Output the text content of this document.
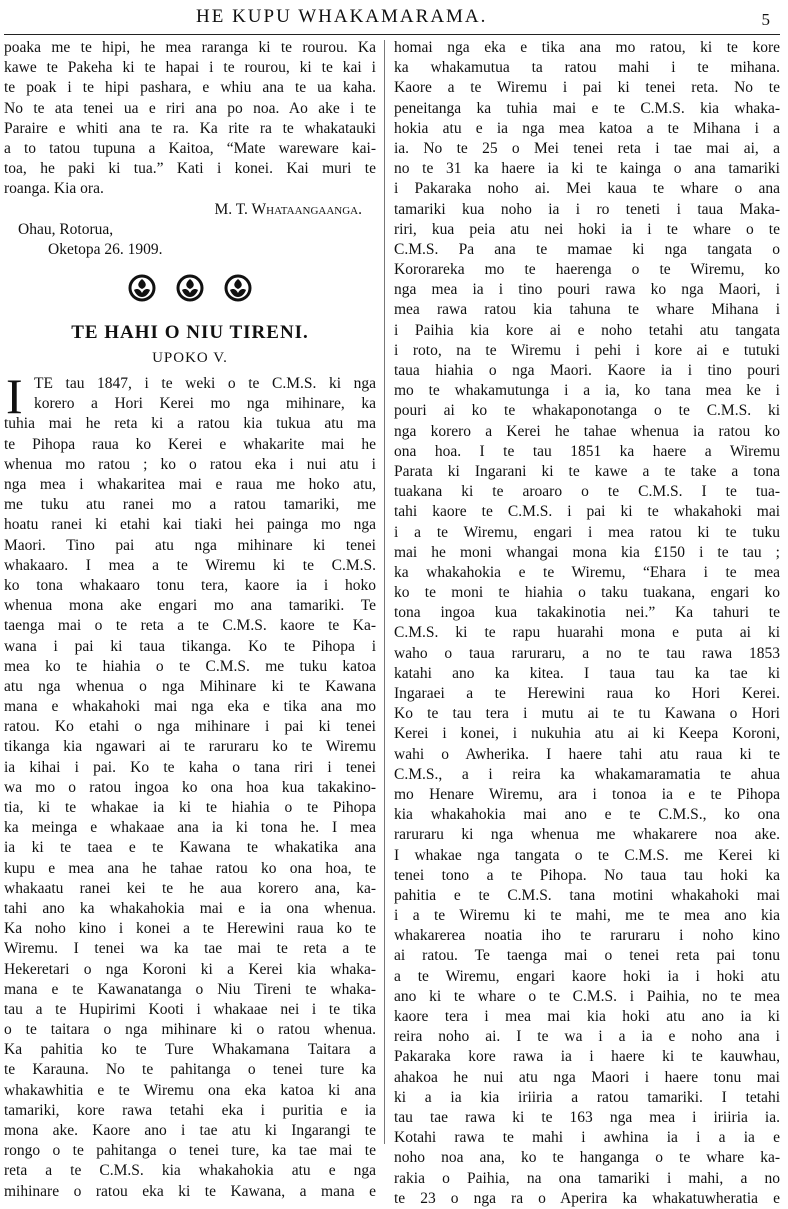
HE KUPU WHAKAMARAMA.	5
poaka me te hipi, he mea raranga ki te rourou. Ka
kawe te Pakeha ki te hapai i te rourou, ki te kai i
te poak i te hipi pashara, e whiu ana te ua kaha.
No te ata tenei ua e riri ana po noa. Ao ake i te
Paraire e whiti ana te ra. Ka rite ra te whakatauki
a to tatou tupuna a Kaitoa, “Mate wareware kai-
toa, he paki ki tua.” Kati i konei. Kai muri te
roanga. Kia ora.
M. T. Whataangaanga.
Ohau, Rotorua,
Oketopa 26. 1909.
TE HAHI O NIU TIRENI.
UPOKO V.
I TE tau 1847, i te weki o te C.M.S. ki nga
korero a Hori Kerei mo nga mihinare, ka
tuhia mai he reta ki a ratou kia tukua atu ma
te Pihopa raua ko Kerei e whakarite mai he
whenua mo ratou ; ko o ratou eka i nui atu i
nga mea i whakaritea mai e raua me hoko atu,
me tuku atu ranei mo a ratou tamariki, me
hoatu ranei ki etahi kai tiaki hei painga mo nga
Maori. Tino pai atu nga mihinare ki tenei
whakaaro. I mea a te Wiremu ki te C.M.S.
ko tona whakaaro tonu tera, kaore ia i hoko
whenua mona ake engari mo ana tamariki. Te
taenga mai o te reta a te C.M.S. kaore te Ka-
wana i pai ki taua tikanga. Ko te Pihopa i
mea ko te hiahia o te C.M.S. me tuku katoa
atu nga whenua o nga Mihinare ki te Kawana
mana e whakahoki mai nga eka e tika ana mo
ratou. Ko etahi o nga mihinare i pai ki tenei
tikanga kia ngawari ai te raruraru ko te Wiremu
ia kihai i pai. Ko te kaha o tana riri i tenei
wa mo o ratou ingoa ko ona hoa kua takakino-
tia, ki te whakae ia ki te hiahia o te Pihopa
ka meinga e whakaae ana ia ki tona he. I mea
ia ki te taea e te Kawana te whakatika ana
kupu e mea ana he tahae ratou ko ona hoa, te
whakaatu ranei kei te he aua korero ana, ka-
tahi ano ka whakahokia mai e ia ona whenua.
Ka noho kino i konei a te Herewini raua ko te
Wiremu. I tenei wa ka tae mai te reta a te
Hekeretari o nga Koroni ki a Kerei kia whaka-
mana e te Kawanatanga o Niu Tireni te whaka-
tau a te Hupirimi Kooti i whakaae nei i te tika
o te taitara o nga mihinare ki o ratou whenua.
Ka pahitia ko te Ture Whakamana Taitara a
te Karauna. No te pahitanga o tenei ture ka
whakawhitia e te Wiremu ona eka katoa ki ana
tamariki, kore rawa tetahi eka i puritia e ia
mona ake. Kaore ano i tae atu ki Ingarangi te
rongo o te pahitanga o tenei ture, ka tae mai te
reta a te C.M.S. kia whakahokia atu e nga
mihinare o ratou eka ki te Kawana, a mana e
homai nga eka e tika ana mo ratou, ki te kore
ka whakamutua ta ratou mahi i te mihana.
Kaore a te Wiremu i pai ki tenei reta. No te
peneitanga ka tuhia mai e te C.M.S. kia whaka-
hokia atu e ia nga mea katoa a te Mihana i a
ia. No te 25 o Mei tenei reta i tae mai ai, a
no te 31 ka haere ia ki te kainga o ana tamariki
i Pakaraka noho ai. Mei kaua te whare o ana
tamariki kua noho ia i ro teneti i taua Maka-
riri, kua peia atu nei hoki ia i te whare o te
C.M.S. Pa ana te mamae ki nga tangata o
Kororareka mo te haerenga o te Wiremu, ko
nga mea ia i tino pouri rawa ko nga Maori, i
mea rawa ratou kia tahuna te whare Mihana i
i Paihia kia kore ai e noho tetahi atu tangata
i roto, na te Wiremu i pehi i kore ai e tutuki
taua hiahia o nga Maori. Kaore ia i tino pouri
mo te whakamutunga i a ia, ko tana mea ke i
pouri ai ko te whakaponotanga o te C.M.S. ki
nga korero a Kerei he tahae whenua ia ratou ko
ona hoa. I te tau 1851 ka haere a Wiremu
Parata ki Ingarani ki te kawe a te take a tona
tuakana ki te aroaro o te C.M.S. I te tua-
tahi kaore te C.M.S. i pai ki te whakahoki mai
i a te Wiremu, engari i mea ratou ki te tuku
mai he moni whangai mona kia £150 i te tau ;
ka whakahokia e te Wiremu, “Ehara i te mea
ko te moni te hiahia o taku tuakana, engari ko
tona ingoa kua takakinotia nei.” Ka tahuri te
C.M.S. ki te rapu huarahi mona e puta ai ki
waho o taua raruraru, a no te tau rawa 1853
katahi ano ka kitea. I taua tau ka tae ki
Ingaraei a te Herewini raua ko Hori Kerei.
Ko te tau tera i mutu ai te tu Kawana o Hori
Kerei i konei, i nukuhia atu ai ki Keepa Koroni,
wahi o Awherika. I haere tahi atu raua ki te
C.M.S., a i reira ka whakamaramatia te ahua
mo Henare Wiremu, ara i tonoa ia e te Pihopa
kia whakahokia mai ano e te C.M.S., ko ona
raruraru ki nga whenua me whakarere noa ake.
I whakae nga tangata o te C.M.S. me Kerei ki
tenei tono a te Pihopa. No taua tau hoki ka
pahitia e te C.M.S. tana motini whakahoki mai
i a te Wiremu ki te mahi, me te mea ano kia
whakarerea noatia iho te raruraru i noho kino
ai ratou. Te taenga mai o tenei reta pai tonu
a te Wiremu, engari kaore hoki ia i hoki atu
ano ki te whare o te C.M.S. i Paihia, no te mea
kaore tera i mea mai kia hoki atu ano ia ki
reira noho ai. I te wa i a ia e noho ana i
Pakaraka kore rawa ia i haere ki te kauwhau,
ahakoa he nui atu nga Maori i haere tonu mai
ki a ia kia iriiria a ratou tamariki. I tetahi
tau tae rawa ki te 163 nga mea i iriiria ia.
Kotahi rawa te mahi i awhina ia i a ia e
noho noa ana, ko te hanganga o te whare ka-
rakia o Paihia, na ona tamariki i mahi, a no
te 23 o nga ra o Aperira ka whakatuwheratia e
